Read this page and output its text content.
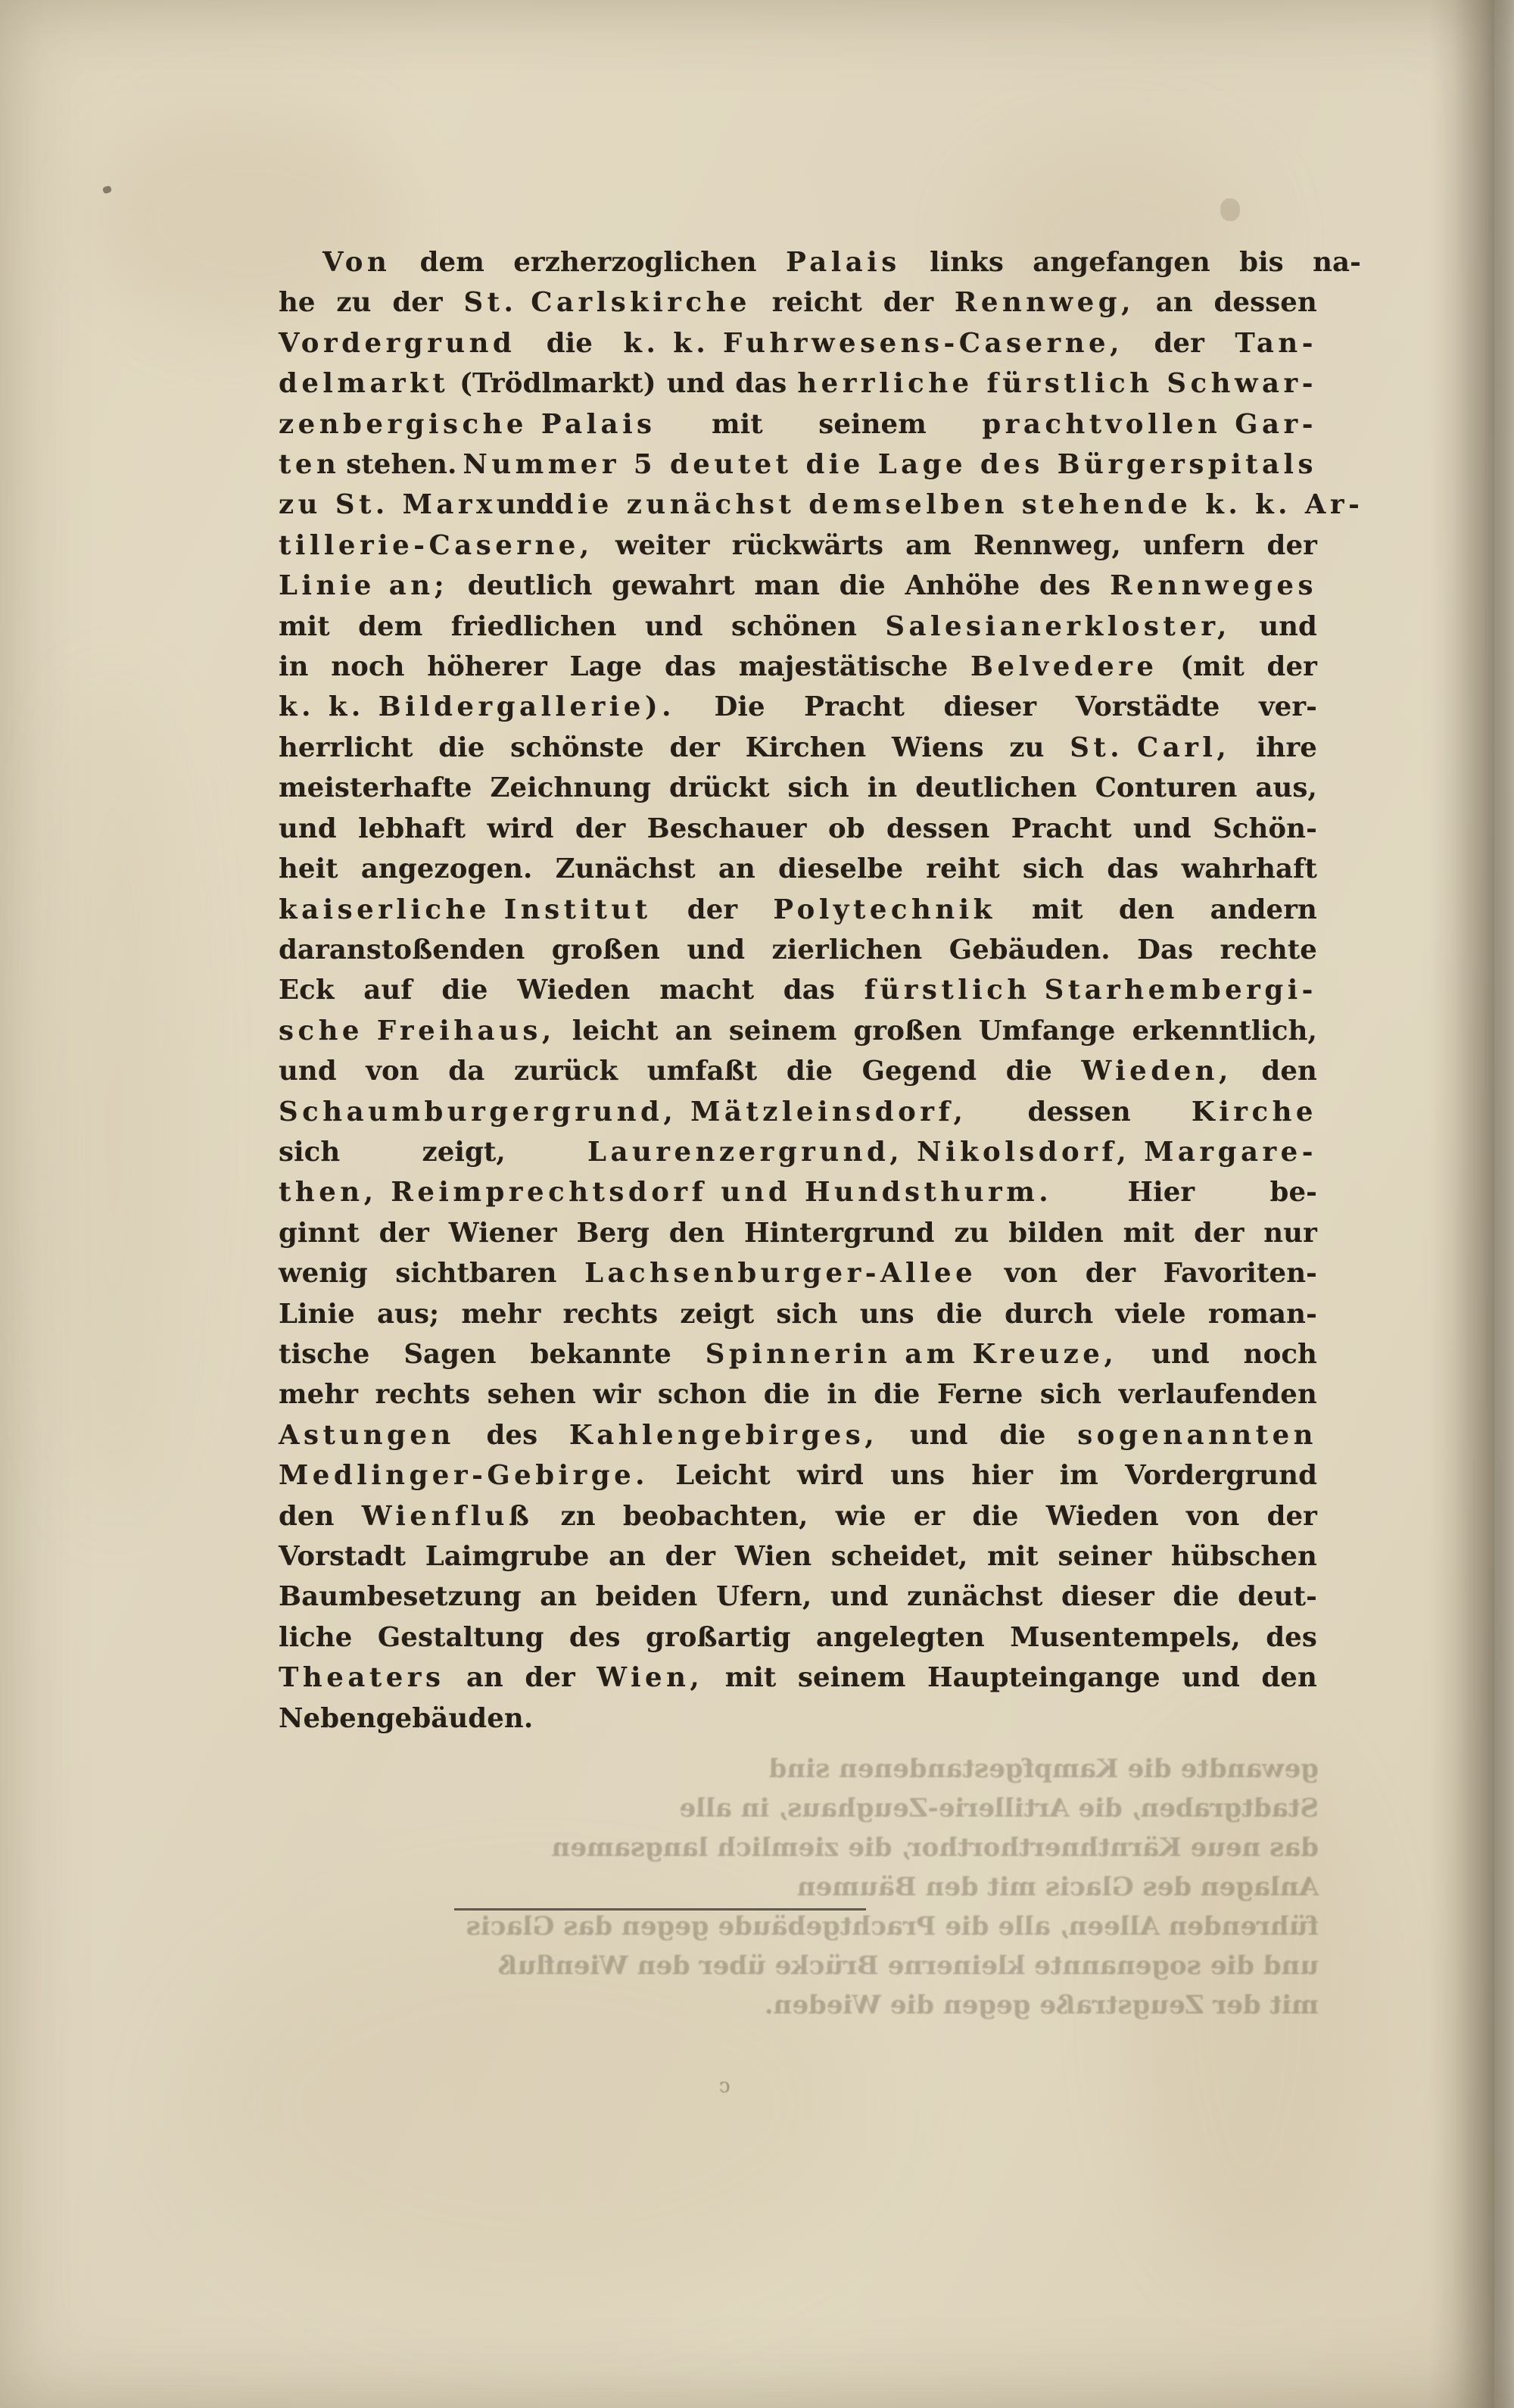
Von dem erzherzoglichen Palais links angefangen bis na-
he zu der St. Carlskirche reicht der Rennweg, an dessen
Vordergrund die k. k. Fuhrwesens-Caserne, der Tan-
delmarkt (Trödlmarkt) und das herrliche fürstlich Schwar-
zenbergische Palais mit seinem prachtvollen Gar-
ten stehen. Nummer 5 deutet die Lage des Bürgerspitals
zu St. Marx und die zunächst demselben stehende k. k. Ar-
tillerie-Caserne, weiter rückwärts am Rennweg, unfern der
Linie an; deutlich gewahrt man die Anhöhe des Rennweges
mit dem friedlichen und schönen Salesianerkloster, und
in noch höherer Lage das majestätische Belvedere (mit der
k. k. Bildergallerie). Die Pracht dieser Vorstädte ver-
herrlicht die schönste der Kirchen Wiens zu St. Carl, ihre
meisterhafte Zeichnung drückt sich in deutlichen Conturen aus,
und lebhaft wird der Beschauer ob dessen Pracht und Schön-
heit angezogen. Zunächst an dieselbe reiht sich das wahrhaft
kaiserliche Institut der Polytechnik mit den andern
daranstoßenden großen und zierlichen Gebäuden. Das rechte
Eck auf die Wieden macht das fürstlich Starhembergi-
sche Freihaus, leicht an seinem großen Umfange erkenntlich,
und von da zurück umfaßt die Gegend die Wieden, den
Schaumburgergrund, Mätzleinsdorf, dessen Kirche
sich	zeigt,	Laurenzergrund, Nikolsdorf, Margare-
then, Reimprechtsdorf und Hundsthurm.	Hier	be-
ginnt der Wiener Berg den Hintergrund zu bilden mit der nur
wenig sichtbaren Lachsenburger-Allee von der Favoriten-
Linie aus; mehr rechts zeigt sich uns die durch viele roman-
tische Sagen bekannte Spinnerin am Kreuze, und noch
mehr rechts sehen wir schon die in die Ferne sich verlaufenden
Astungen des Kahlengebirges, und die sogenannten
Medlinger-Gebirge. Leicht wird uns hier im Vordergrund
den Wienfluß zn beobachten, wie er die Wieden von der
Vorstadt Laimgrube an der Wien scheidet, mit seiner hübschen
Baumbesetzung an beiden Ufern, und zunächst dieser die deut-
liche Gestaltung des großartig angelegten Musentempels, des
Theaters an der Wien, mit seinem Haupteingange und den
Nebengebäuden.

gewandte die Kampfgestandenen sind
Stadtgraben, die Artillerie-Zeughaus, in alle
das neue Kärnthnerthorthor, die ziemlich langsamen
Anlagen des Glacis mit den Bäumen
führenden Alleen, alle die Prachtgebäude gegen das Glacis
und die sogenannte kleinerne Brücke über den Wienfluß
mit der Zeugstraße gegen die Wieden.
c
